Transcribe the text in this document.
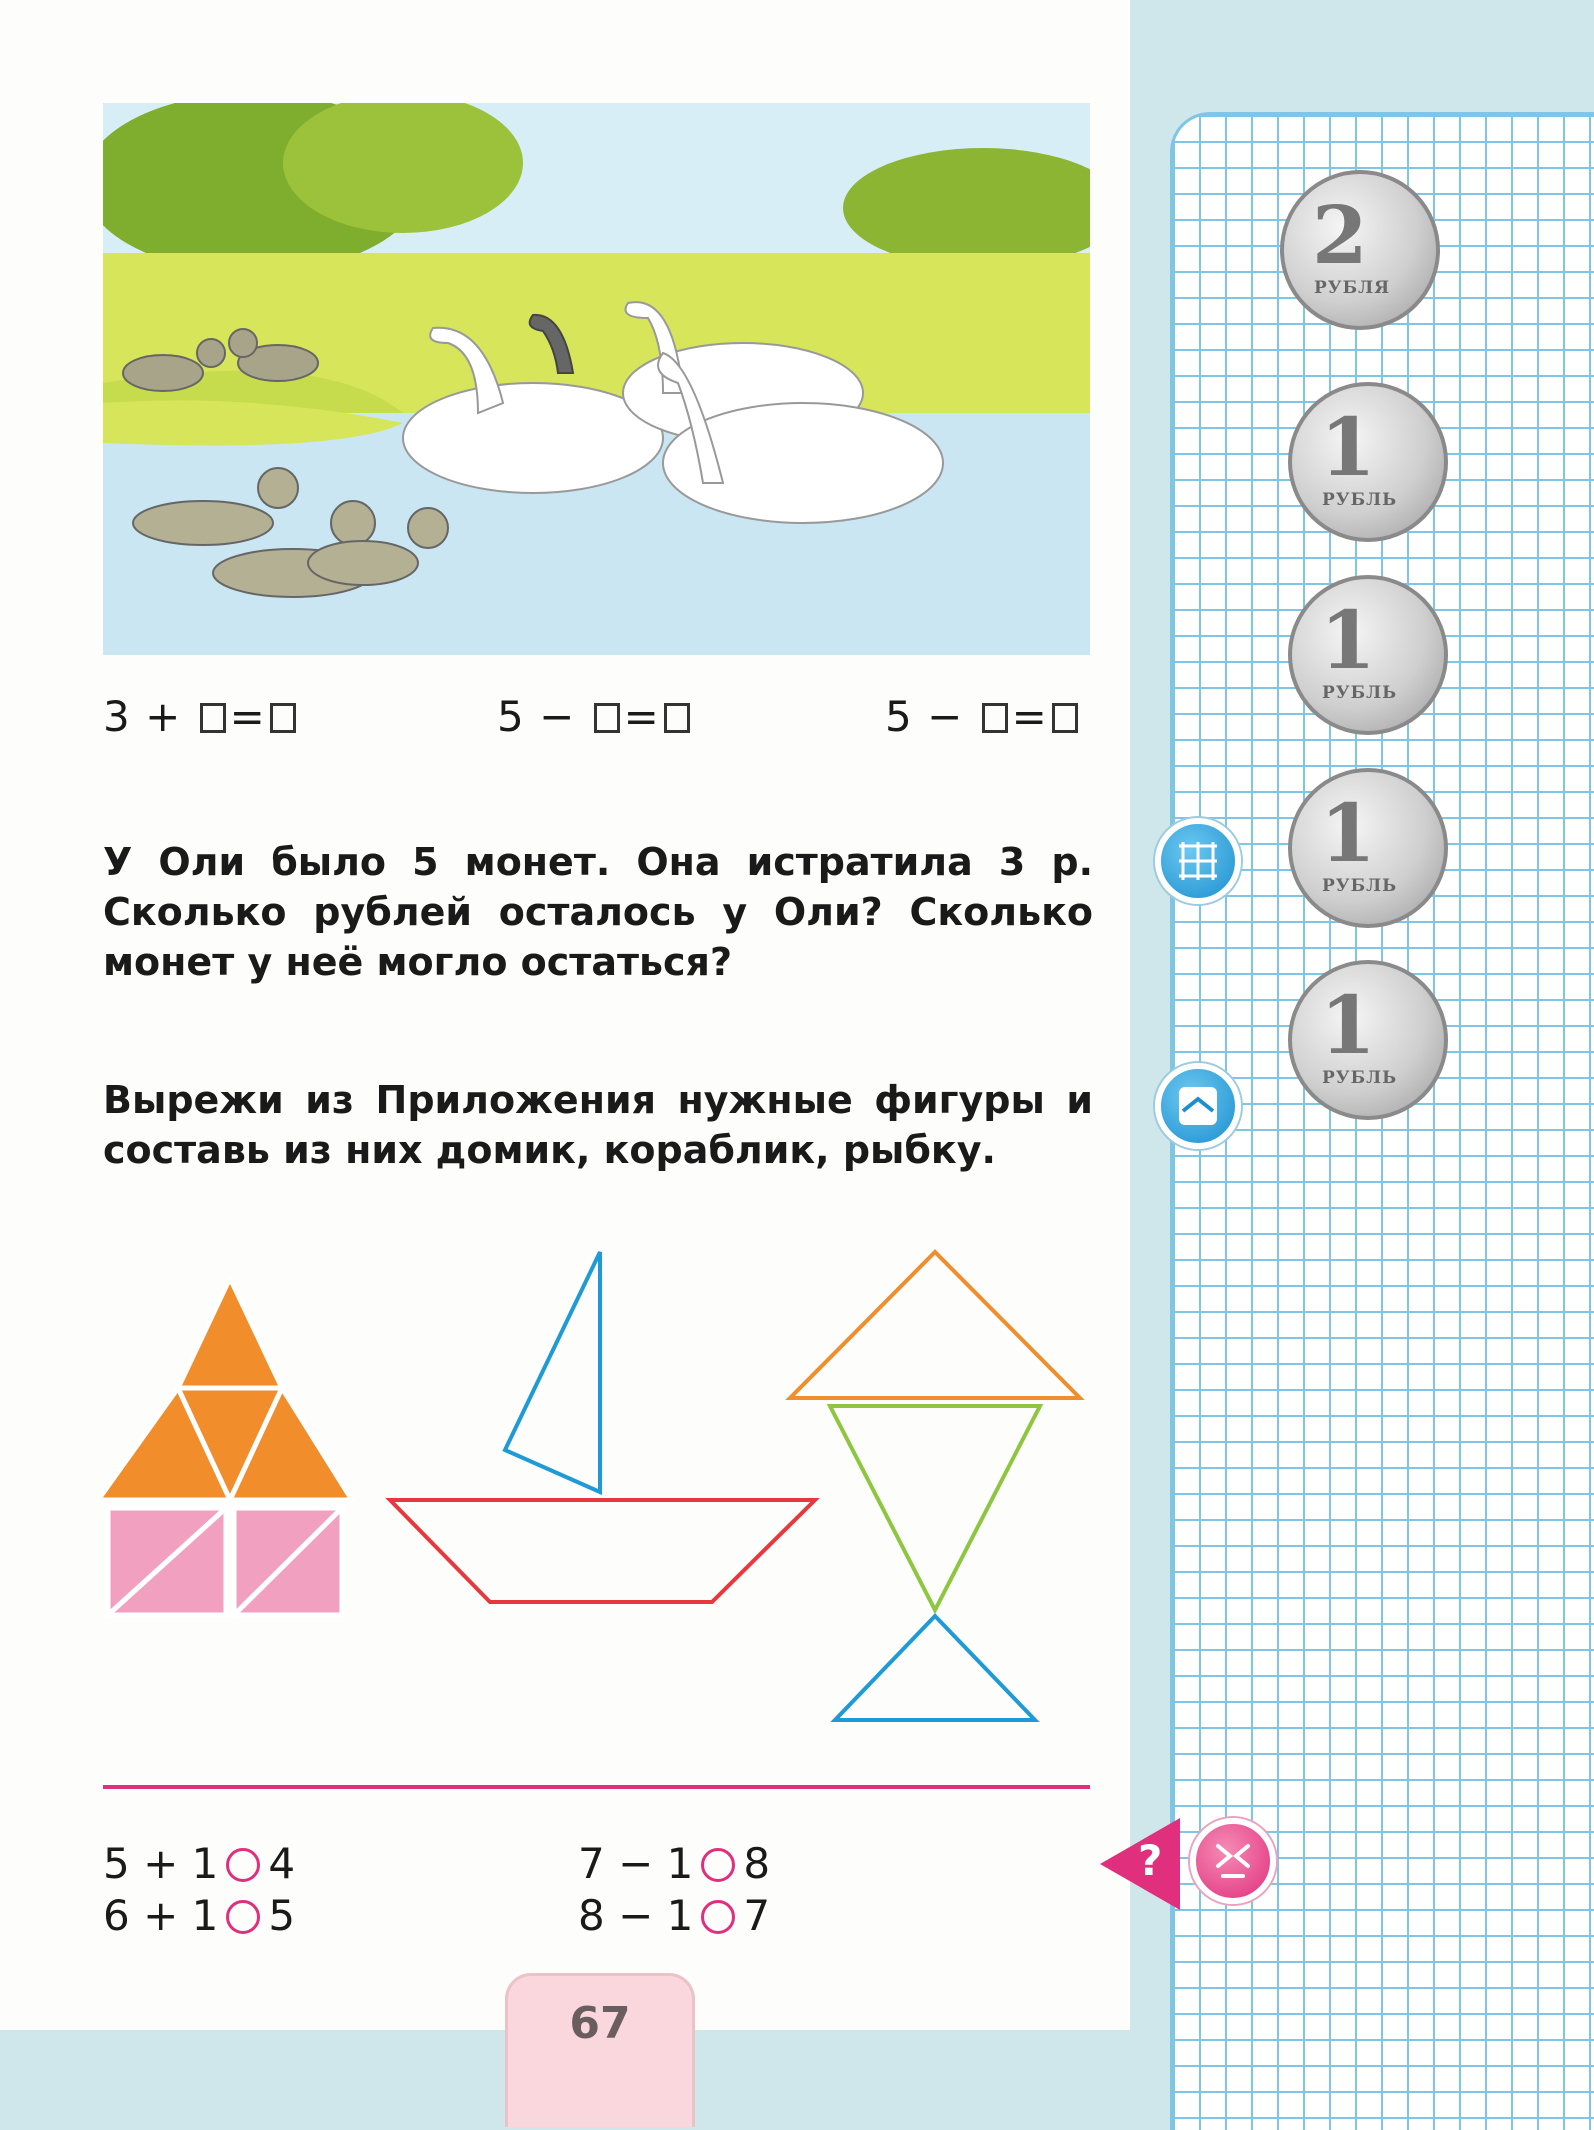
3 + =	5 − =	5 − =
У Оли было 5 монет. Она истратила 3 р. Сколько рублей осталось у Оли? Сколько монет у неё могло остаться?
Вырежи из Приложения нужные фигуры и составь из них домик, кораблик, рыбку.
5 + 1 4
6 + 1 5
7 − 1 8
8 − 1 7
67
2
РУБЛЯ
1
РУБЛЬ
1
РУБЛЬ
1
РУБЛЬ
1
РУБЛЬ
?
